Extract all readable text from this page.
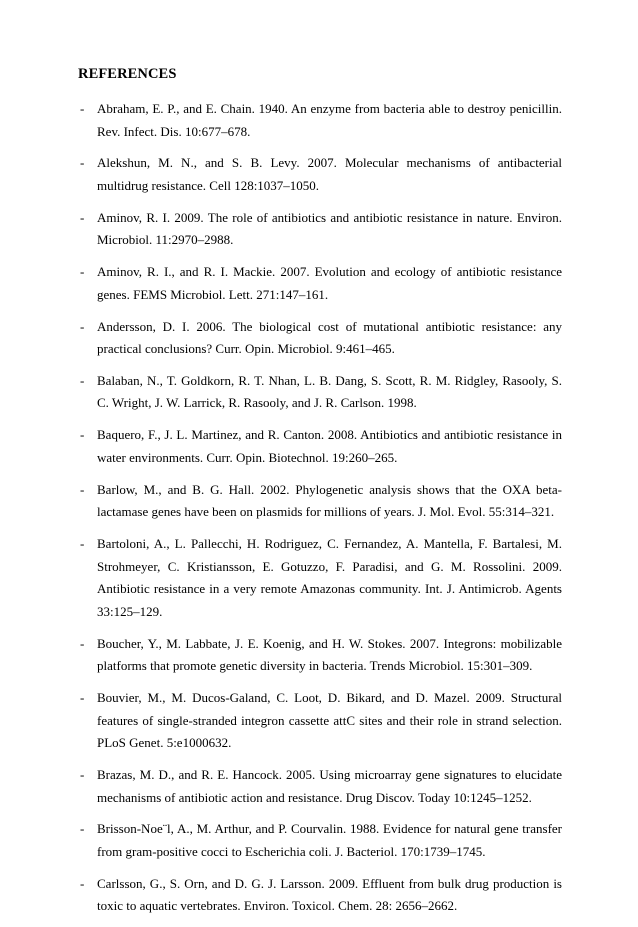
REFERENCES
- Abraham, E. P., and E. Chain. 1940. An enzyme from bacteria able to destroy penicillin. Rev. Infect. Dis. 10:677–678.
- Alekshun, M. N., and S. B. Levy. 2007. Molecular mechanisms of antibacterial multidrug resistance. Cell 128:1037–1050.
- Aminov, R. I. 2009. The role of antibiotics and antibiotic resistance in nature. Environ. Microbiol. 11:2970–2988.
- Aminov, R. I., and R. I. Mackie. 2007. Evolution and ecology of antibiotic resistance genes. FEMS Microbiol. Lett. 271:147–161.
- Andersson, D. I. 2006. The biological cost of mutational antibiotic resistance: any practical conclusions? Curr. Opin. Microbiol. 9:461–465.
- Balaban, N., T. Goldkorn, R. T. Nhan, L. B. Dang, S. Scott, R. M. Ridgley, Rasooly, S. C. Wright, J. W. Larrick, R. Rasooly, and J. R. Carlson. 1998.
- Baquero, F., J. L. Martinez, and R. Canton. 2008. Antibiotics and antibiotic resistance in water environments. Curr. Opin. Biotechnol. 19:260–265.
- Barlow, M., and B. G. Hall. 2002. Phylogenetic analysis shows that the OXA beta-lactamase genes have been on plasmids for millions of years. J. Mol. Evol. 55:314–321.
- Bartoloni, A., L. Pallecchi, H. Rodriguez, C. Fernandez, A. Mantella, F. Bartalesi, M. Strohmeyer, C. Kristiansson, E. Gotuzzo, F. Paradisi, and G. M. Rossolini. 2009. Antibiotic resistance in a very remote Amazonas community. Int. J. Antimicrob. Agents 33:125–129.
- Boucher, Y., M. Labbate, J. E. Koenig, and H. W. Stokes. 2007. Integrons: mobilizable platforms that promote genetic diversity in bacteria. Trends Microbiol. 15:301–309.
- Bouvier, M., M. Ducos-Galand, C. Loot, D. Bikard, and D. Mazel. 2009. Structural features of single-stranded integron cassette attC sites and their role in strand selection. PLoS Genet. 5:e1000632.
- Brazas, M. D., and R. E. Hancock. 2005. Using microarray gene signatures to elucidate mechanisms of antibiotic action and resistance. Drug Discov. Today 10:1245–1252.
- Brisson-Noe¨l, A., M. Arthur, and P. Courvalin. 1988. Evidence for natural gene transfer from gram-positive cocci to Escherichia coli. J. Bacteriol. 170:1739–1745.
- Carlsson, G., S. Orn, and D. G. J. Larsson. 2009. Effluent from bulk drug production is toxic to aquatic vertebrates. Environ. Toxicol. Chem. 28: 2656–2662.
